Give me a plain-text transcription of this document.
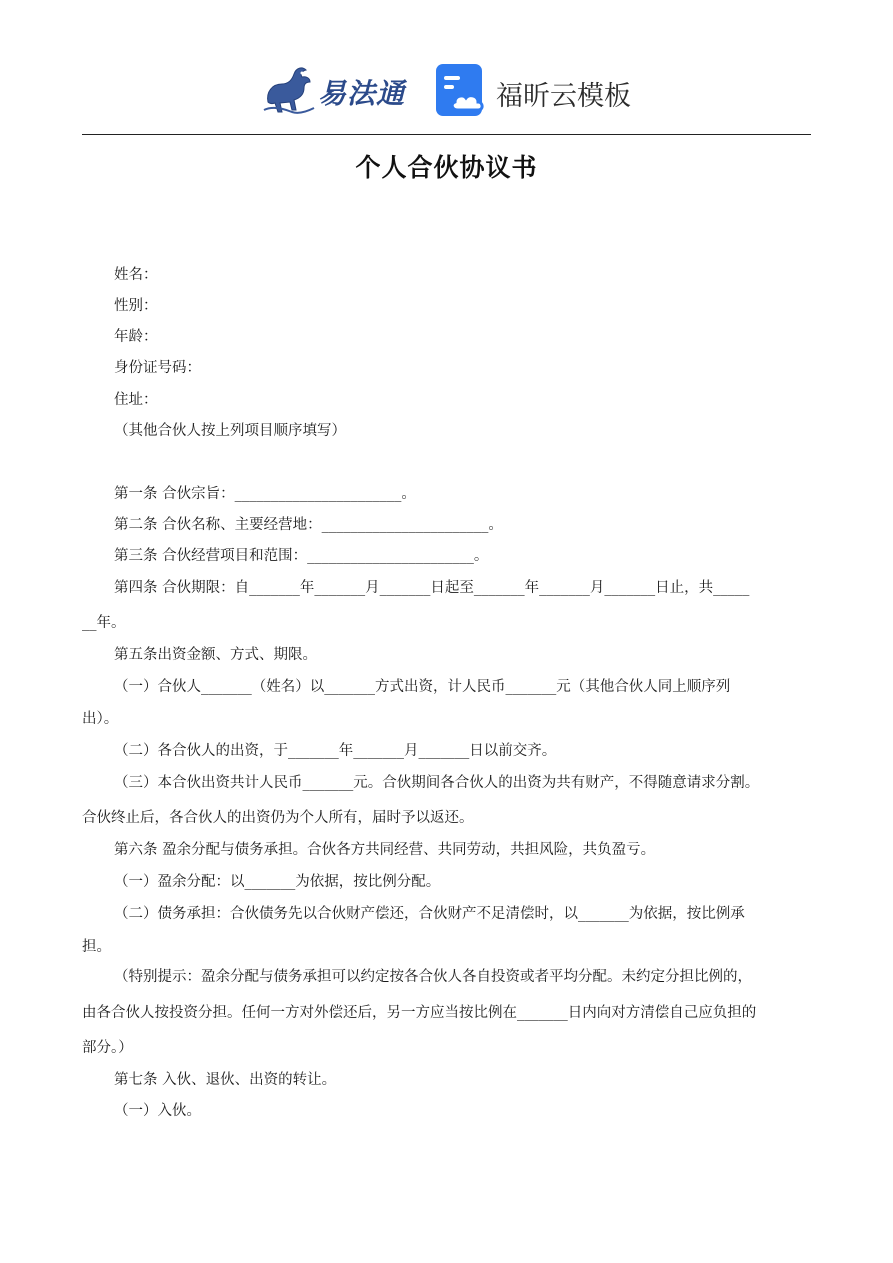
易法通	福昕云模板
个人合伙协议书
姓名：
性别：
年龄：
身份证号码：
住址：
（其他合伙人按上列项目顺序填写）
第一条 合伙宗旨：_______________________。
第二条 合伙名称、主要经营地：_______________________。
第三条 合伙经营项目和范围：_______________________。
第四条 合伙期限：自_______年_______月_______日起至_______年_______月_______日止，共_____
__年。
第五条出资金额、方式、期限。
（一）合伙人_______（姓名）以_______方式出资，计人民币_______元（其他合伙人同上顺序列
出）。
（二）各合伙人的出资，于_______年_______月_______日以前交齐。
（三）本合伙出资共计人民币_______元。合伙期间各合伙人的出资为共有财产，不得随意请求分割。
合伙终止后，各合伙人的出资仍为个人所有，届时予以返还。
第六条 盈余分配与债务承担。合伙各方共同经营、共同劳动，共担风险，共负盈亏。
（一）盈余分配：以_______为依据，按比例分配。
（二）债务承担：合伙债务先以合伙财产偿还，合伙财产不足清偿时，以_______为依据，按比例承
担。
（特别提示：盈余分配与债务承担可以约定按各合伙人各自投资或者平均分配。未约定分担比例的，
由各合伙人按投资分担。任何一方对外偿还后，另一方应当按比例在_______日内向对方清偿自己应负担的
部分。）
第七条 入伙、退伙、出资的转让。
（一）入伙。
